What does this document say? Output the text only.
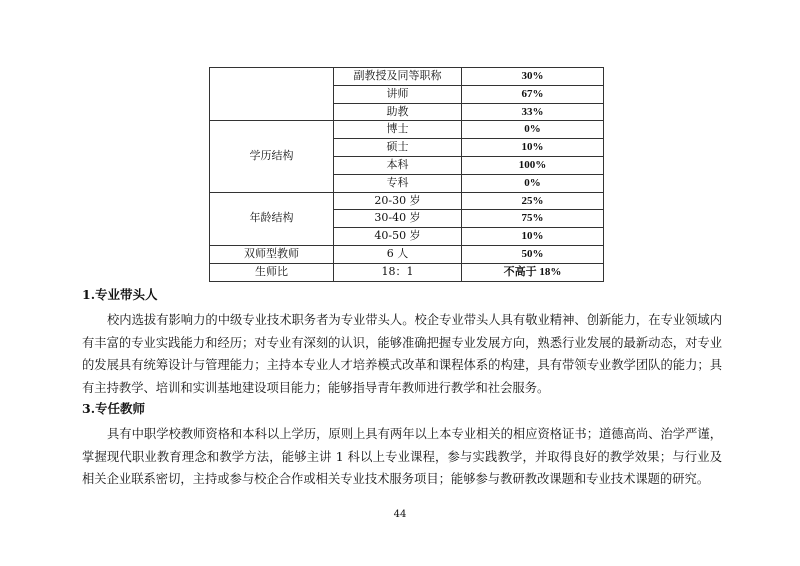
	副教授及同等职称	30%
	讲师	67%
	助教	33%
学历结构	博士	0%
	硕士	10%
	本科	100%
	专科	0%
年龄结构	20-30 岁	25%
	30-40 岁	75%
	40-50 岁	10%
双师型教师	6 人	50%
生师比	18：1	不高于 18%

1.专业带头人

校内选拔有影响力的中级专业技术职务者为专业带头人。校企专业带头人具有敬业精神、创新能力，在专业领域内有丰富的专业实践能力和经历；对专业有深刻的认识，能够准确把握专业发展方向，熟悉行业发展的最新动态，对专业的发展具有统筹设计与管理能力；主持本专业人才培养模式改革和课程体系的构建，具有带领专业教学团队的能力；具有主持教学、培训和实训基地建设项目能力；能够指导青年教师进行教学和社会服务。

3.专任教师

具有中职学校教师资格和本科以上学历，原则上具有两年以上本专业相关的相应资格证书；道德高尚、治学严谨，掌握现代职业教育理念和教学方法，能够主讲 1 科以上专业课程，参与实践教学，并取得良好的教学效果；与行业及相关企业联系密切，主持或参与校企合作或相关专业技术服务项目；能够参与教研教改课题和专业技术课题的研究。

44
